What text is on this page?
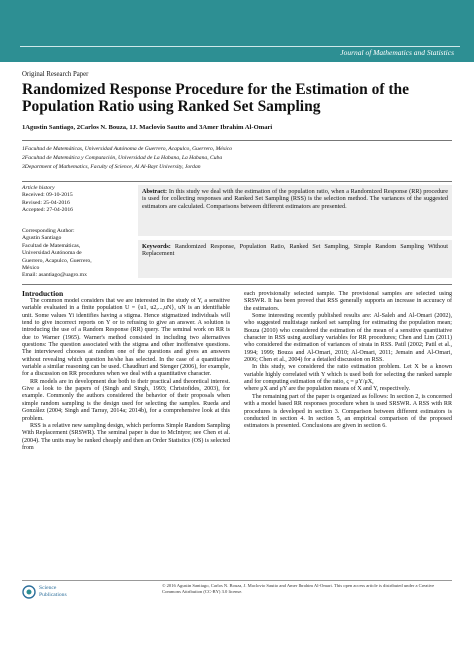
Journal of Mathematics and Statistics
Original Research Paper
Randomized Response Procedure for the Estimation of the Population Ratio using Ranked Set Sampling
1Agustin Santiago, 2Carlos N. Bouza, 1J. Maclovio Sautto and 3Amer Ibrahim Al-Omari
1Facultad de Matemáticas, Universidad Autónoma de Guerrero, Acapulco, Guerrero, México
2Facultad de Matemática y Computación, Universidad de La Habana, La Habana, Cuba
3Department of Mathematics, Faculty of Science, Al Al-Bayt University, Jordan
Article history
Received: 09-10-2015
Revised: 25-04-2016
Accepted: 27-04-2016
Corresponding Author:
Agustin Santiago
Facultad de Matemáticas,
Universidad Autónoma de
Guerrero, Acapulco, Guerrero,
México
Email: asantiago@uagro.mx
Abstract: In this study we deal with the estimation of the population ratio, when a Randomized Response (RR) procedure is used for collecting responses and Ranked Set Sampling (RSS) is the selection method. The variances of the suggested estimators are calculated. Comparisons between different estimators are presented.
Keywords: Randomized Response, Population Ratio, Ranked Set Sampling, Simple Random Sampling Without Replacement
Introduction

The common model considers that we are interested in the study of Y, a sensitive variable evaluated in a finite population U = {u1, u2,...,uN}, uN is an identifiable unit. Some values Yi identifies having a stigma. Hence stigmatized individuals will tend to give incorrect reports on Y or to refusing to give an answer. A solution is introducing the use of a Random Response (RR) query. The seminal work on RR is due to Warner (1965). Warner's method consisted in including two alternatives questions: The question associated with the stigma and other inoffensive questions. The interviewed chooses at random one of the questions and gives an answers without revealing which question he/she has selected. In the case of a quantitative variable a similar reasoning can be used. Chaudhuri and Stenger (2006), for example, for a discussion on RR procedures when we deal with a quantitative character.

RR models are in development due both to their practical and theoretical interest. Give a look to the papers of (Singh and Singh, 1993; Christofides, 2003), for example. Commonly the authors considered the behavior of their proposals when simple random sampling is the design used for selecting the samples. Rueda and González (2004; Singh and Tarray, 2014a; 2014b), for a comprehensive look at this problem.

RSS is a relative new sampling design, which performs Simple Random Sampling With Replacement (SRSWR). The seminal paper is due to McIntyre; see Chen et al. (2004). The units may be ranked cheaply and then an Order Statistics (OS) is selected from

each provisionally selected sample. The provisional samples are selected using SRSWR. It has been proved that RSS generally supports an increase in accuracy of the estimators.

Some interesting recently published results are: Al-Saleh and Al-Omari (2002), who suggested multistage ranked set sampling for estimating the population mean; Bouza (2010) who considered the estimation of the mean of a sensitive quantitative character in RSS using auxiliary variables for RR procedures; Chen and Lim (2011) who considered the estimation of variances of strata in RSS. Patil (2002; Patil et al., 1994; 1999; Bouza and Al-Omari, 2010; Al-Omari, 2011; Jemain and Al-Omari, 2006; Chen et al., 2004) for a detailed discussion on RSS.

In this study, we considered the ratio estimation problem. Let X be a known variable highly correlated with Y which is used both for selecting the ranked sample and for computing estimation of the ratio, ς = μY/μX,

where μX and μY are the population means of X and Y, respectively.

The remaining part of the paper is organized as follows: In section 2, is concerned with a model based RR responses procedure when is used SRSWR. A RSS with RR procedures is developed in section 3. Comparison between different estimators is conducted in section 4. In section 5, an empirical comparison of the proposed estimators is presented. Conclusions are given in section 6.

Science
Publications
© 2016 Agustin Santiago, Carlos N. Bouza, J. Maclovio Sautto and Amer Ibrahim Al-Omari. This open access article is distributed under a Creative Commons Attribution (CC-BY) 3.0 license.
